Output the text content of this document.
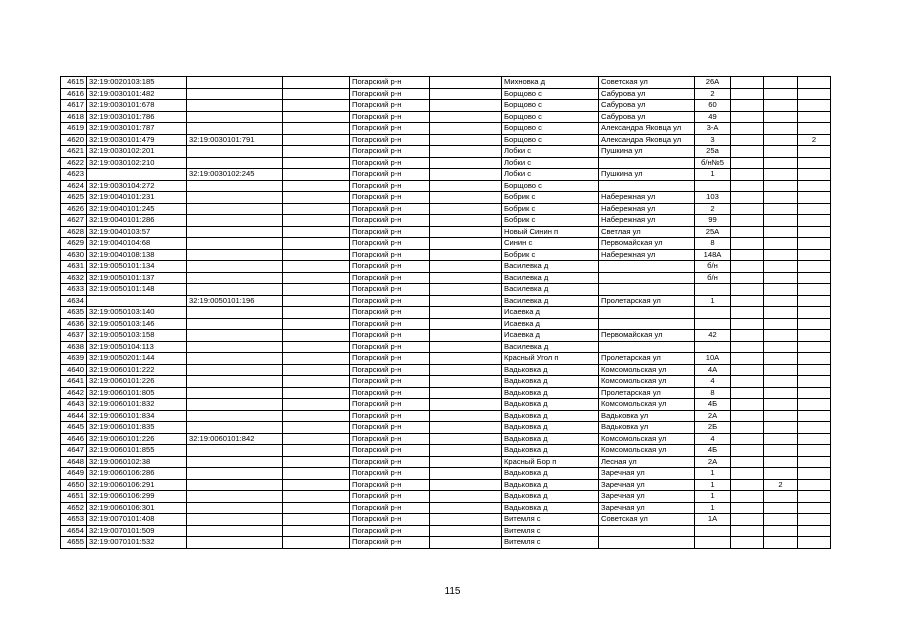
4615	32:19:0020103:185			Погарский р-н		Михновка д	Советская ул	26А			
4616	32:19:0030101:482			Погарский р-н		Борщово с	Сабурова ул	2			
4617	32:19:0030101:678			Погарский р-н		Борщово с	Сабурова ул	60			
4618	32:19:0030101:786			Погарский р-н		Борщово с	Сабурова ул	49			
4619	32:19:0030101:787			Погарский р-н		Борщово с	Александра Яковца ул	3-А			
4620	32:19:0030101:479	32:19:0030101:791		Погарский р-н		Борщово с	Александра Яковца ул	3			2
4621	32:19:0030102:201			Погарский р-н		Лобки с	Пушкина ул	25а			
4622	32:19:0030102:210			Погарский р-н		Лобки с		б/н№5			
4623		32:19:0030102:245		Погарский р-н		Лобки с	Пушкина ул	1			
4624	32:19:0030104:272			Погарский р-н		Борщово с					
4625	32:19:0040101:231			Погарский р-н		Бобрик с	Набережная ул	103			
4626	32:19:0040101:245			Погарский р-н		Бобрик с	Набережная ул	2			
4627	32:19:0040101:286			Погарский р-н		Бобрик с	Набережная ул	99			
4628	32:19:0040103:57			Погарский р-н		Новый Синин п	Светлая ул	25А			
4629	32:19:0040104:68			Погарский р-н		Синин с	Первомайская ул	8			
4630	32:19:0040108:138			Погарский р-н		Бобрик с	Набережная ул	148А			
4631	32:19:0050101:134			Погарский р-н		Василевка д		б/н			
4632	32:19:0050101:137			Погарский р-н		Василевка д		б/н			
4633	32:19:0050101:148			Погарский р-н		Василевка д					
4634		32:19:0050101:196		Погарский р-н		Василевка д	Пролетарская ул	1			
4635	32:19:0050103:140			Погарский р-н		Исаевка д					
4636	32:19:0050103:146			Погарский р-н		Исаевка д					
4637	32:19:0050103:158			Погарский р-н		Исаевка д	Первомайская ул	42			
4638	32:19:0050104:113			Погарский р-н		Василевка д					
4639	32:19:0050201:144			Погарский р-н		Красный Угол п	Пролетарская ул	10А			
4640	32:19:0060101:222			Погарский р-н		Вадьковка д	Комсомольская ул	4А			
4641	32:19:0060101:226			Погарский р-н		Вадьковка д	Комсомольская ул	4			
4642	32:19:0060101:805			Погарский р-н		Вадьковка д	Пролетарская ул	8			
4643	32:19:0060101:832			Погарский р-н		Вадьковка д	Комсомольская ул	4Б			
4644	32:19:0060101:834			Погарский р-н		Вадьковка д	Вадьковка ул	2А			
4645	32:19:0060101:835			Погарский р-н		Вадьковка д	Вадьковка ул	2Б			
4646	32:19:0060101:226	32:19:0060101:842		Погарский р-н		Вадьковка д	Комсомольская ул	4			
4647	32:19:0060101:855			Погарский р-н		Вадьковка д	Комсомольская ул	4Б			
4648	32:19:0060102:38			Погарский р-н		Красный Бор п	Лесная ул	2А			
4649	32:19:0060106:286			Погарский р-н		Вадьковка д	Заречная ул	1			
4650	32:19:0060106:291			Погарский р-н		Вадьковка д	Заречная ул	1		2	
4651	32:19:0060106:299			Погарский р-н		Вадьковка д	Заречная ул	1			
4652	32:19:0060106:301			Погарский р-н		Вадьковка д	Заречная ул	1			
4653	32:19:0070101:408			Погарский р-н		Витемля с	Советская ул	1А			
4654	32:19:0070101:509			Погарский р-н		Витемля с					
4655	32:19:0070101:532			Погарский р-н		Витемля с					
115
